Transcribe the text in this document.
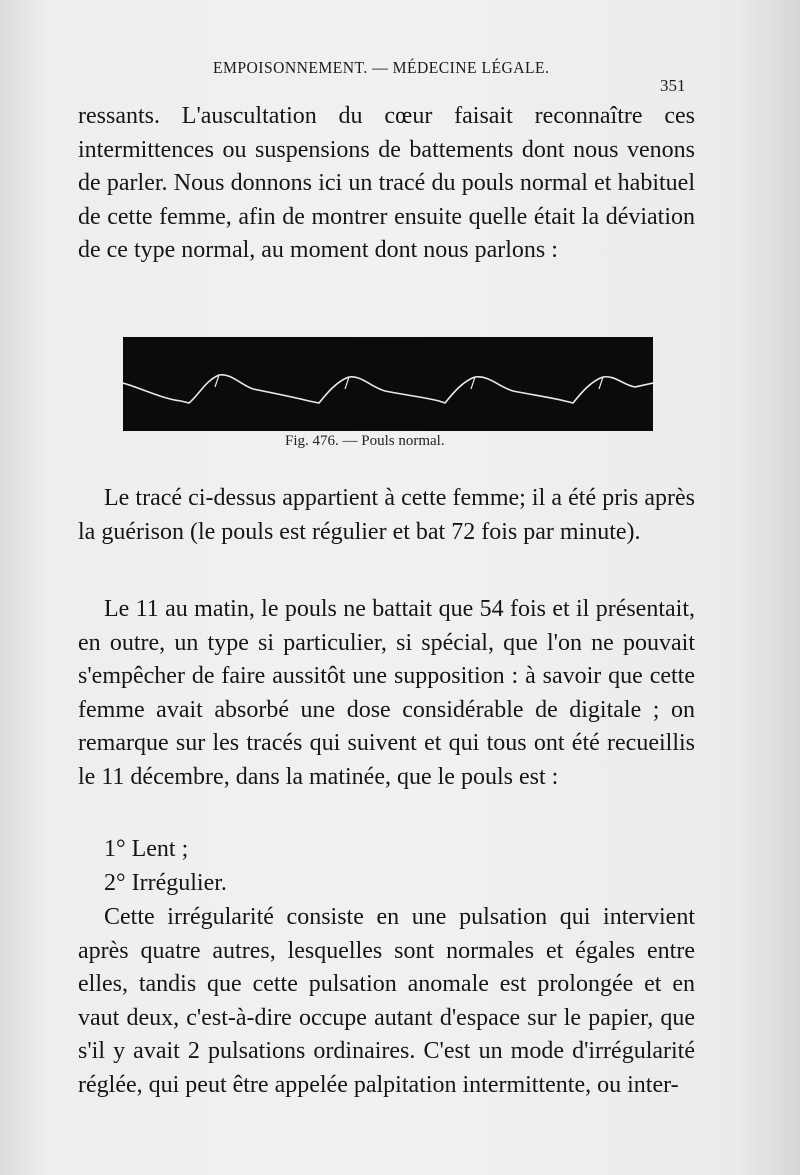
EMPOISONNEMENT. — MÉDECINE LÉGALE.
351
ressants. L'auscultation du cœur faisait reconnaître ces intermittences ou suspensions de battements dont nous venons de parler. Nous donnons ici un tracé du pouls normal et habituel de cette femme, afin de montrer ensuite quelle était la déviation de ce type normal, au moment dont nous parlons :
Fig. 476. — Pouls normal.
Le tracé ci-dessus appartient à cette femme; il a été pris après la guérison (le pouls est régulier et bat 72 fois par minute).
Le 11 au matin, le pouls ne battait que 54 fois et il présentait, en outre, un type si particulier, si spécial, que l'on ne pouvait s'empêcher de faire aussitôt une supposition : à savoir que cette femme avait absorbé une dose considérable de digitale ; on remarque sur les tracés qui suivent et qui tous ont été recueillis le 11 décembre, dans la matinée, que le pouls est :
1° Lent ;
2° Irrégulier.
Cette irrégularité consiste en une pulsation qui intervient après quatre autres, lesquelles sont normales et égales entre elles, tandis que cette pulsation anomale est prolongée et en vaut deux, c'est-à-dire occupe autant d'espace sur le papier, que s'il y avait 2 pulsations ordinaires. C'est un mode d'irrégularité réglée, qui peut être appelée palpitation intermittente, ou inter-
